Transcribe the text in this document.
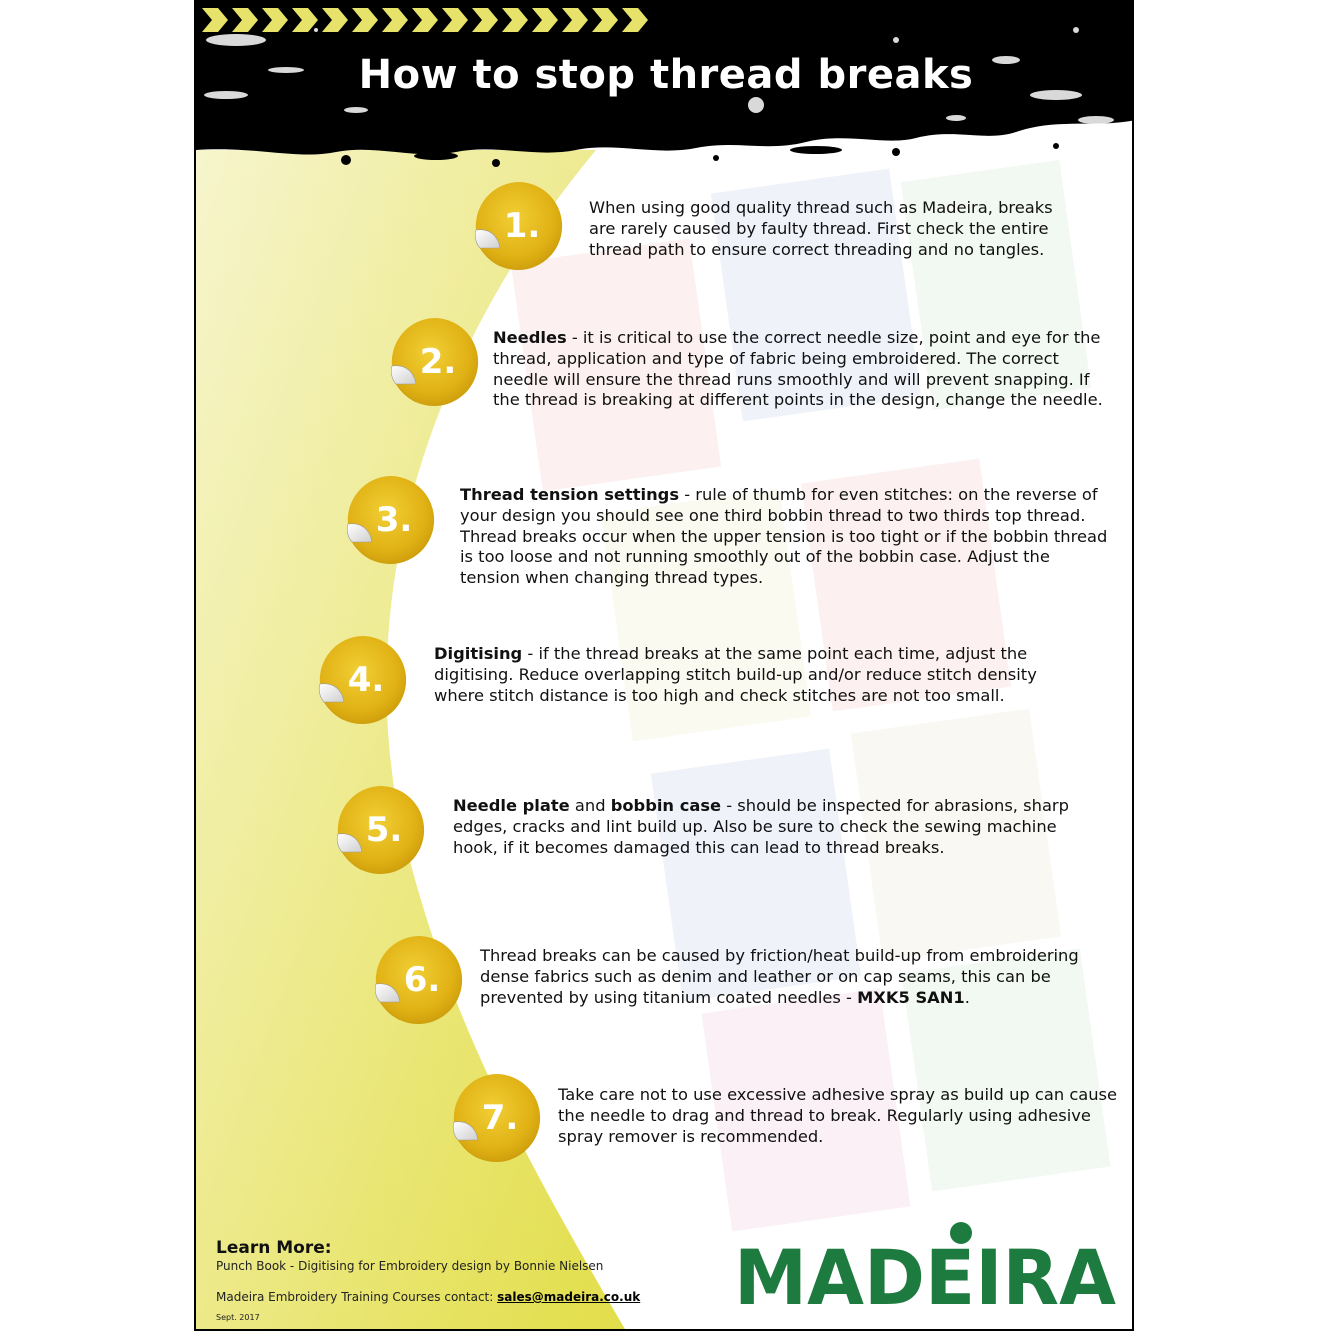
How to stop thread breaks
1.	When using good quality thread such as Madeira, breaks are rarely caused by faulty thread. First check the entire thread path to ensure correct threading and no tangles.
2.
Needles - it is critical to use the correct needle size, point and eye for the thread, application and type of fabric being embroidered. The correct needle will ensure the thread runs smoothly and will prevent snapping. If the thread is breaking at different points in the design, change the needle.
3.
Thread tension settings - rule of thumb for even stitches: on the reverse of your design you should see one third bobbin thread to two thirds top thread. Thread breaks occur when the upper tension is too tight or if the bobbin thread is too loose and not running smoothly out of the bobbin case. Adjust the tension when changing thread types.
4.
Digitising - if the thread breaks at the same point each time, adjust the digitising. Reduce overlapping stitch build-up and/or reduce stitch density where stitch distance is too high and check stitches are not too small.
5.
Needle plate and bobbin case - should be inspected for abrasions, sharp edges, cracks and lint build up. Also be sure to check the sewing machine hook, if it becomes damaged this can lead to thread breaks.
6.
Thread breaks can be caused by friction/heat build-up from embroidering dense fabrics such as denim and leather or on cap seams, this can be prevented by using titanium coated needles - MXK5 SAN1.
7.
Take care not to use excessive adhesive spray as build up can cause the needle to drag and thread to break. Regularly using adhesive spray remover is recommended.
Learn More:
Punch Book - Digitising for Embroidery design by Bonnie Nielsen
Madeira Embroidery Training Courses contact: sales@madeira.co.uk
Sept. 2017	MADEIRA
